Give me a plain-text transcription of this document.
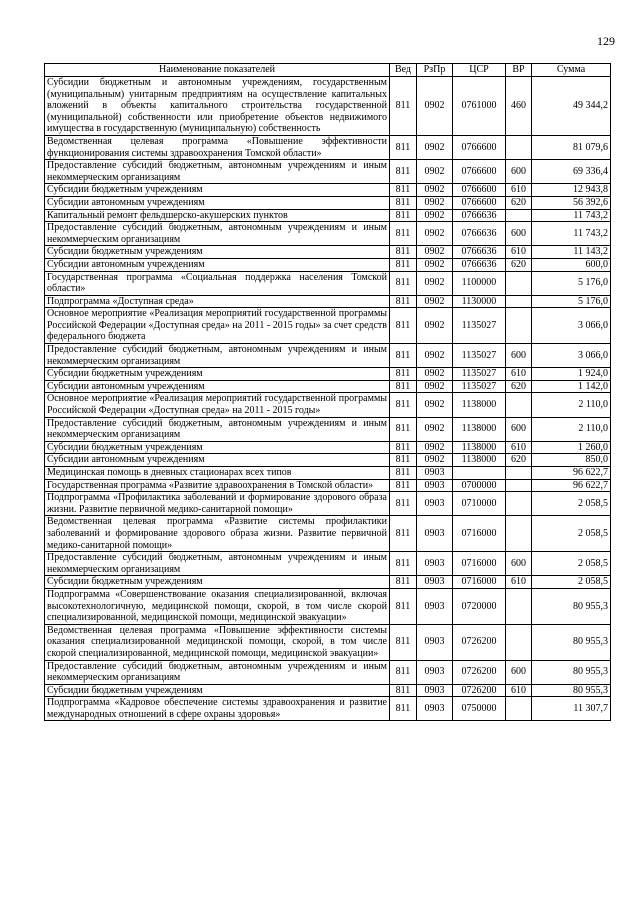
129
Наименование показателей	Вед	РзПр	ЦСР	ВР	Сумма
Субсидии бюджетным и автономным учреждениям, государственным (муниципальным) унитарным предприятиям на осуществление капитальных вложений в объекты капитального строительства государственной (муниципальной) собственности или приобретение объектов недвижимого имущества в государственную (муниципальную) собственность	811	0902	0761000	460	49 344,2
Ведомственная целевая программа «Повышение эффективности функционирования системы здравоохранения Томской области»	811	0902	0766600		81 079,6
Предоставление субсидий бюджетным, автономным учреждениям и иным некоммерческим организациям	811	0902	0766600	600	69 336,4
Субсидии бюджетным учреждениям	811	0902	0766600	610	12 943,8
Субсидии автономным учреждениям	811	0902	0766600	620	56 392,6
Капитальный ремонт фельдшерско-акушерских пунктов	811	0902	0766636		11 743,2
Предоставление субсидий бюджетным, автономным учреждениям и иным некоммерческим организациям	811	0902	0766636	600	11 743,2
Субсидии бюджетным учреждениям	811	0902	0766636	610	11 143,2
Субсидии автономным учреждениям	811	0902	0766636	620	600,0
Государственная программа «Социальная поддержка населения Томской области»	811	0902	1100000		5 176,0
Подпрограмма «Доступная среда»	811	0902	1130000		5 176,0
Основное мероприятие «Реализация мероприятий государственной программы Российской Федерации «Доступная среда» на 2011 - 2015 годы» за счет средств федерального бюджета	811	0902	1135027		3 066,0
Предоставление субсидий бюджетным, автономным учреждениям и иным некоммерческим организациям	811	0902	1135027	600	3 066,0
Субсидии бюджетным учреждениям	811	0902	1135027	610	1 924,0
Субсидии автономным учреждениям	811	0902	1135027	620	1 142,0
Основное мероприятие «Реализация мероприятий государственной программы Российской Федерации «Доступная среда» на 2011 - 2015 годы»	811	0902	1138000		2 110,0
Предоставление субсидий бюджетным, автономным учреждениям и иным некоммерческим организациям	811	0902	1138000	600	2 110,0
Субсидии бюджетным учреждениям	811	0902	1138000	610	1 260,0
Субсидии автономным учреждениям	811	0902	1138000	620	850,0
Медицинская помощь в дневных стационарах всех типов	811	0903			96 622,7
Государственная программа «Развитие здравоохранения в Томской области»	811	0903	0700000		96 622,7
Подпрограмма «Профилактика заболеваний и формирование здорового образа жизни. Развитие первичной медико-санитарной помощи»	811	0903	0710000		2 058,5
Ведомственная целевая программа «Развитие системы профилактики заболеваний и формирование здорового образа жизни. Развитие первичной медико-санитарной помощи»	811	0903	0716000		2 058,5
Предоставление субсидий бюджетным, автономным учреждениям и иным некоммерческим организациям	811	0903	0716000	600	2 058,5
Субсидии бюджетным учреждениям	811	0903	0716000	610	2 058,5
Подпрограмма «Совершенствование оказания специализированной, включая высокотехнологичную, медицинской помощи, скорой, в том числе скорой специализированной, медицинской помощи, медицинской эвакуации»	811	0903	0720000		80 955,3
Ведомственная целевая программа «Повышение эффективности системы оказания специализированной медицинской помощи, скорой, в том числе скорой специализированной, медицинской помощи, медицинской эвакуации»	811	0903	0726200		80 955,3
Предоставление субсидий бюджетным, автономным учреждениям и иным некоммерческим организациям	811	0903	0726200	600	80 955,3
Субсидии бюджетным учреждениям	811	0903	0726200	610	80 955,3
Подпрограмма «Кадровое обеспечение системы здравоохранения и развитие международных отношений в сфере охраны здоровья»	811	0903	0750000		11 307,7
